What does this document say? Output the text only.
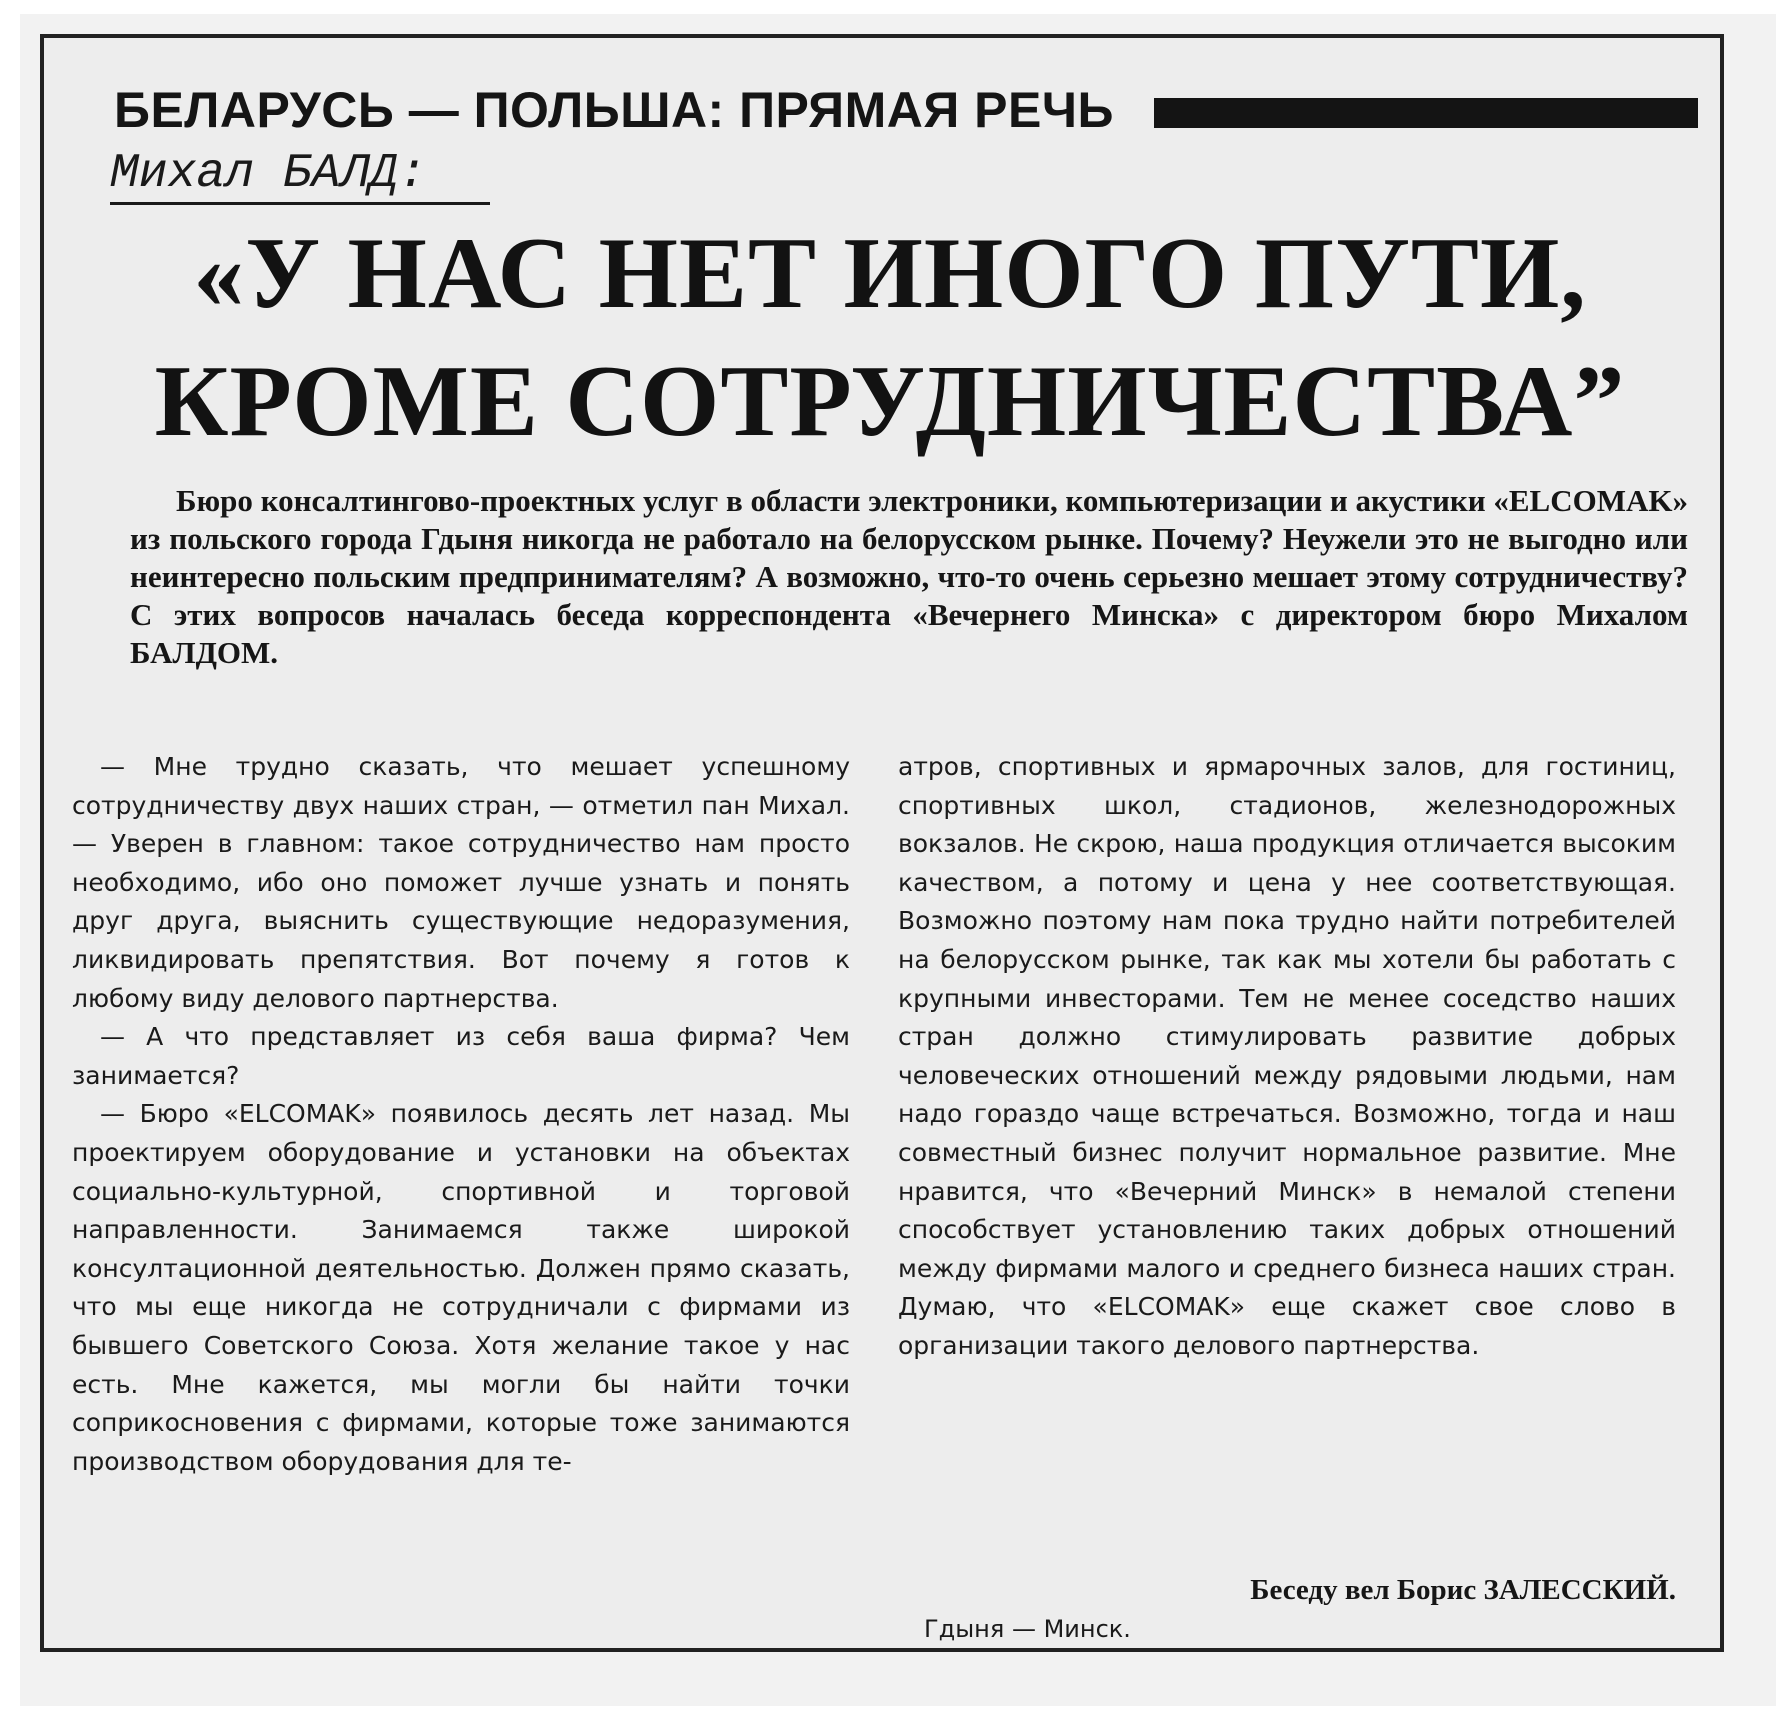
БЕЛАРУСЬ — ПОЛЬША: ПРЯМАЯ РЕЧЬ
Михал БАЛД:
«У НАС НЕТ ИНОГО ПУТИ,
КРОМЕ СОТРУДНИЧЕСТВА”

Бюро консалтингово-проектных услуг в области электроники, компьютеризации и акустики «ELCOMAK» из польского города Гдыня никогда не работало на белорусском рынке. Почему? Неужели это не выгодно или неинтересно польским предпринимателям? А возможно, что-то очень серьезно мешает этому сотрудничеству? С этих вопросов началась беседа корреспондента «Вечернего Минска» с директором бюро Михалом БАЛДОМ.

— Мне трудно сказать, что мешает успешному сотрудничеству двух наших стран, — отметил пан Михал. — Уверен в главном: такое сотрудничество нам просто необходимо, ибо оно поможет лучше узнать и понять друг друга, выяснить существующие недоразумения, ликвидировать препятствия. Вот почему я готов к любому виду делового партнерства.

— А что представляет из себя ваша фирма? Чем занимается?

— Бюро «ELCOMAK» появилось десять лет назад. Мы проектируем оборудование и установки на объектах социально-культурной, спортивной и торговой направленности. Занимаемся также широкой консултационной деятельностью. Должен прямо сказать, что мы еще никогда не сотрудничали с фирмами из бывшего Советского Союза. Хотя желание такое у нас есть. Мне кажется, мы могли бы найти точки соприкосновения с фирмами, которые тоже занимаются производством оборудования для те-

атров, спортивных и ярмарочных залов, для гостиниц, спортивных школ, стадионов, железнодорожных вокзалов. Не скрою, наша продукция отличается высоким качеством, а потому и цена у нее соответствующая. Возможно поэтому нам пока трудно найти потребителей на белорусском рынке, так как мы хотели бы работать с крупными инвесторами. Тем не менее соседство наших стран должно стимулировать развитие добрых человеческих отношений между рядовыми людьми, нам надо гораздо чаще встречаться. Возможно, тогда и наш совместный бизнес получит нормальное развитие. Мне нравится, что «Вечерний Минск» в немалой степени способствует установлению таких добрых отношений между фирмами малого и среднего бизнеса наших стран. Думаю, что «ELCOMAK» еще скажет свое слово в организации такого делового партнерства.

Беседу вел Борис ЗАЛЕССКИЙ.
Гдыня — Минск.
